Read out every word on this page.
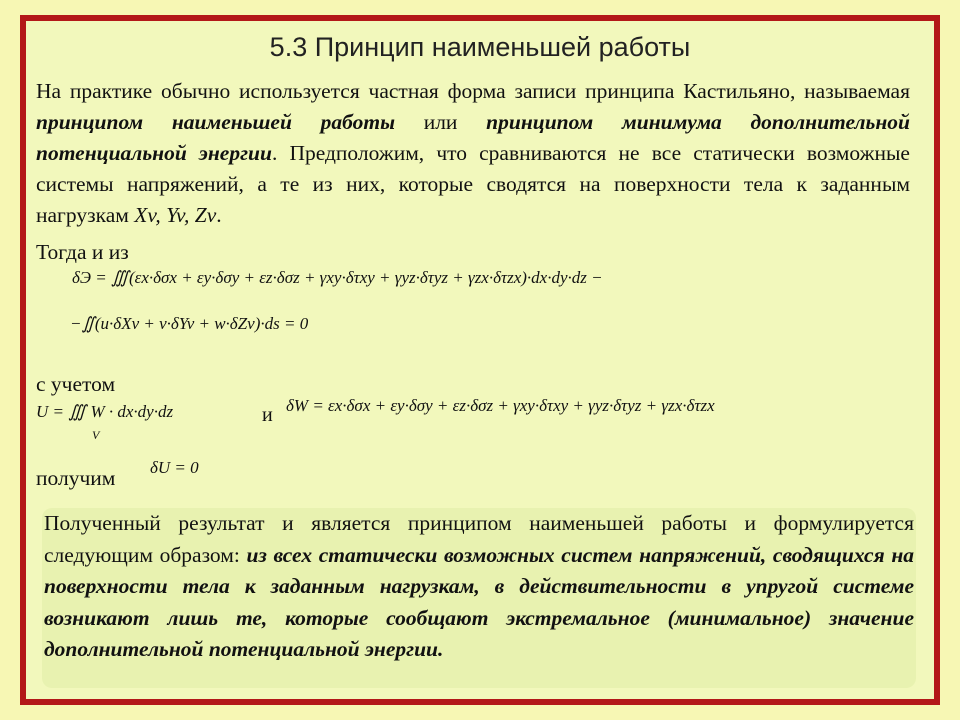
5.3 Принцип наименьшей работы
На практике обычно используется частная форма записи принципа Кастильяно, называемая принципом наименьшей работы или принципом минимума дополнительной потенциальной энергии. Предположим, что сравниваются не все статически возможные системы напряжений, а те из них, которые сводятся на поверхности тела к заданным нагрузкам Xv, Yv, Zv.
Тогда и из
δЭ = ∭(εx·δσx + εy·δσy + εz·δσz + γxy·δτxy + γyz·δτyz + γzx·δτzx)·dx·dy·dz −
−∬(u·δXv + v·δYv + w·δZv)·ds = 0
с учетом
U = ∭ W · dx·dy·dz
V
и δW = εx·δσx + εy·δσy + εz·δσz + γxy·δτxy + γyz·δτyz + γzx·δτzx
получим δU = 0
Полученный результат и является принципом наименьшей работы и формулируется следующим образом: из всех статически возможных систем напряжений, сводящихся на поверхности тела к заданным нагрузкам, в действительности в упругой системе возникают лишь те, которые сообщают экстремальное (минимальное) значение дополнительной потенциальной энергии.
